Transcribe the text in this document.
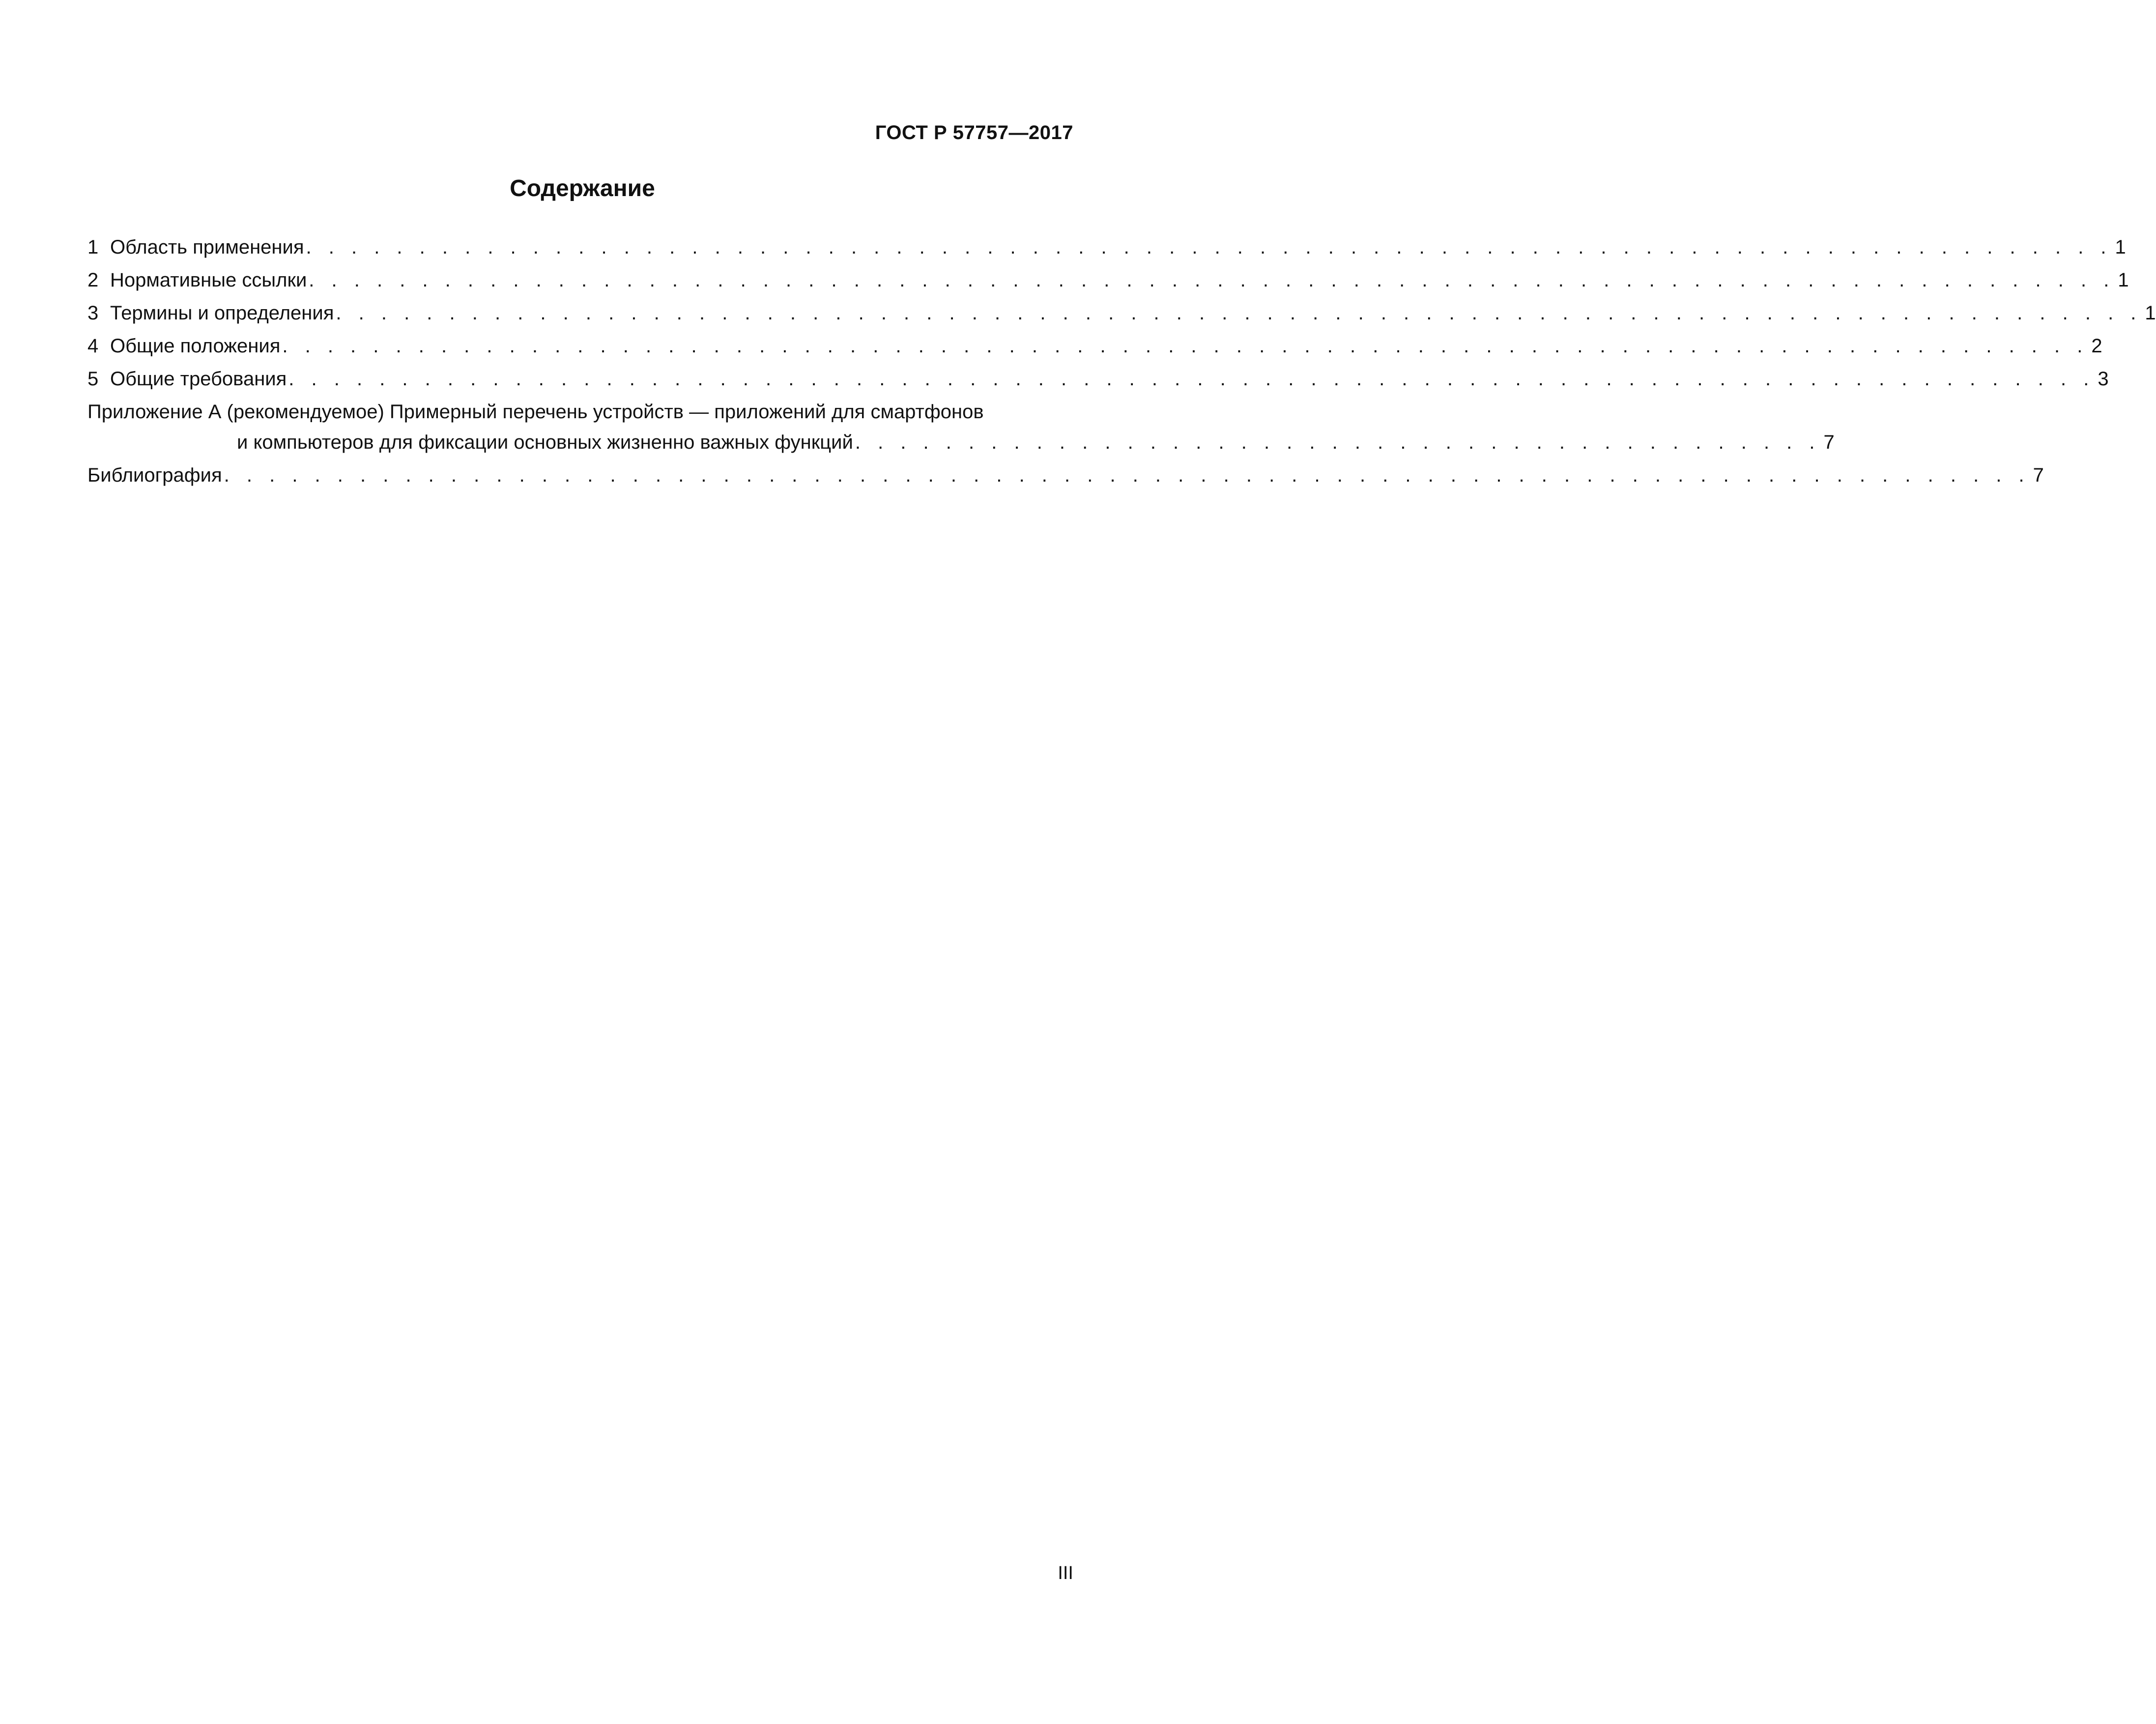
ГОСТ Р 57757—2017
Содержание
1 Область применения . . . . . . . . . . . . . . . . . . . . . . . . . . . . . . . . . . . . . . . . . . . . . . . . . . . . . . . . . . . . . . . . . . . . . . . . . . . . . . . . 1
2 Нормативные ссылки . . . . . . . . . . . . . . . . . . . . . . . . . . . . . . . . . . . . . . . . . . . . . . . . . . . . . . . . . . . . . . . . . . . . . . . . . . . . . . . . 1
3 Термины и определения . . . . . . . . . . . . . . . . . . . . . . . . . . . . . . . . . . . . . . . . . . . . . . . . . . . . . . . . . . . . . . . . . . . . . . . . . . . . . . . . 1
4 Общие положения . . . . . . . . . . . . . . . . . . . . . . . . . . . . . . . . . . . . . . . . . . . . . . . . . . . . . . . . . . . . . . . . . . . . . . . . . . . . . . . . 2
5 Общие требования . . . . . . . . . . . . . . . . . . . . . . . . . . . . . . . . . . . . . . . . . . . . . . . . . . . . . . . . . . . . . . . . . . . . . . . . . . . . . . . . 3
Приложение А (рекомендуемое) Примерный перечень устройств — приложений для смартфонов
и компьютеров для фиксации основных жизненно важных функций . . . . . . . . . . . . . . . . . . . . . . . . . . . . . . . . . . . . . . . . . . . 7
Библиография . . . . . . . . . . . . . . . . . . . . . . . . . . . . . . . . . . . . . . . . . . . . . . . . . . . . . . . . . . . . . . . . . . . . . . . . . . . . . . . . 7
III
